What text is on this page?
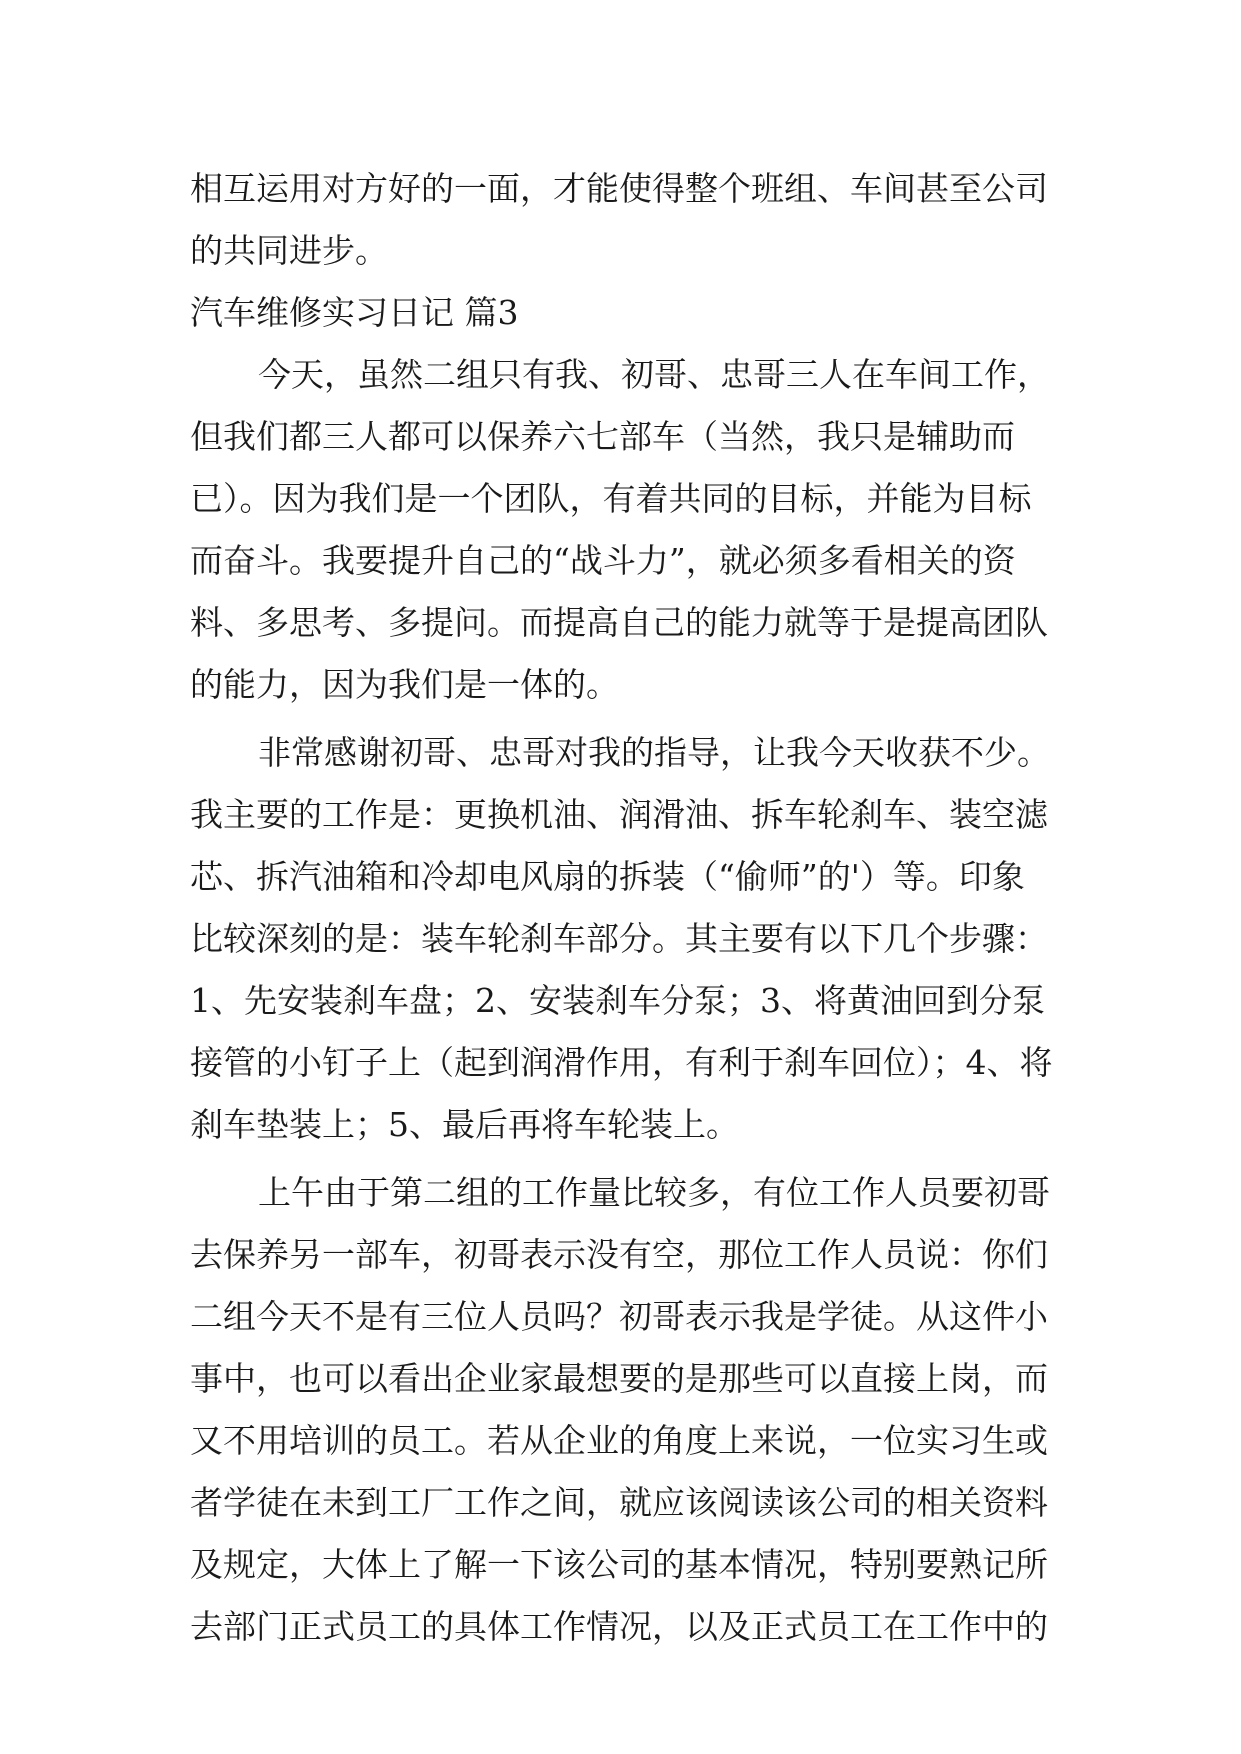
相互运用对方好的一面，才能使得整个班组、车间甚至公司
的共同进步。
汽车维修实习日记 篇3
今天，虽然二组只有我、初哥、忠哥三人在车间工作，
但我们都三人都可以保养六七部车（当然，我只是辅助而
已）。因为我们是一个团队，有着共同的目标，并能为目标
而奋斗。我要提升自己的“战斗力”，就必须多看相关的资
料、多思考、多提问。而提高自己的能力就等于是提高团队
的能力，因为我们是一体的。
非常感谢初哥、忠哥对我的指导，让我今天收获不少。
我主要的工作是：更换机油、润滑油、拆车轮刹车、装空滤
芯、拆汽油箱和冷却电风扇的拆装（“偷师”的'）等。印象
比较深刻的是：装车轮刹车部分。其主要有以下几个步骤：
1、先安装刹车盘；2、安装刹车分泵；3、将黄油回到分泵
接管的小钉子上（起到润滑作用，有利于刹车回位）；4、将
刹车垫装上；5、最后再将车轮装上。
上午由于第二组的工作量比较多，有位工作人员要初哥
去保养另一部车，初哥表示没有空，那位工作人员说：你们
二组今天不是有三位人员吗？初哥表示我是学徒。从这件小
事中，也可以看出企业家最想要的是那些可以直接上岗，而
又不用培训的员工。若从企业的角度上来说，一位实习生或
者学徒在未到工厂工作之间，就应该阅读该公司的相关资料
及规定，大体上了解一下该公司的基本情况，特别要熟记所
去部门正式员工的具体工作情况，以及正式员工在工作中的
